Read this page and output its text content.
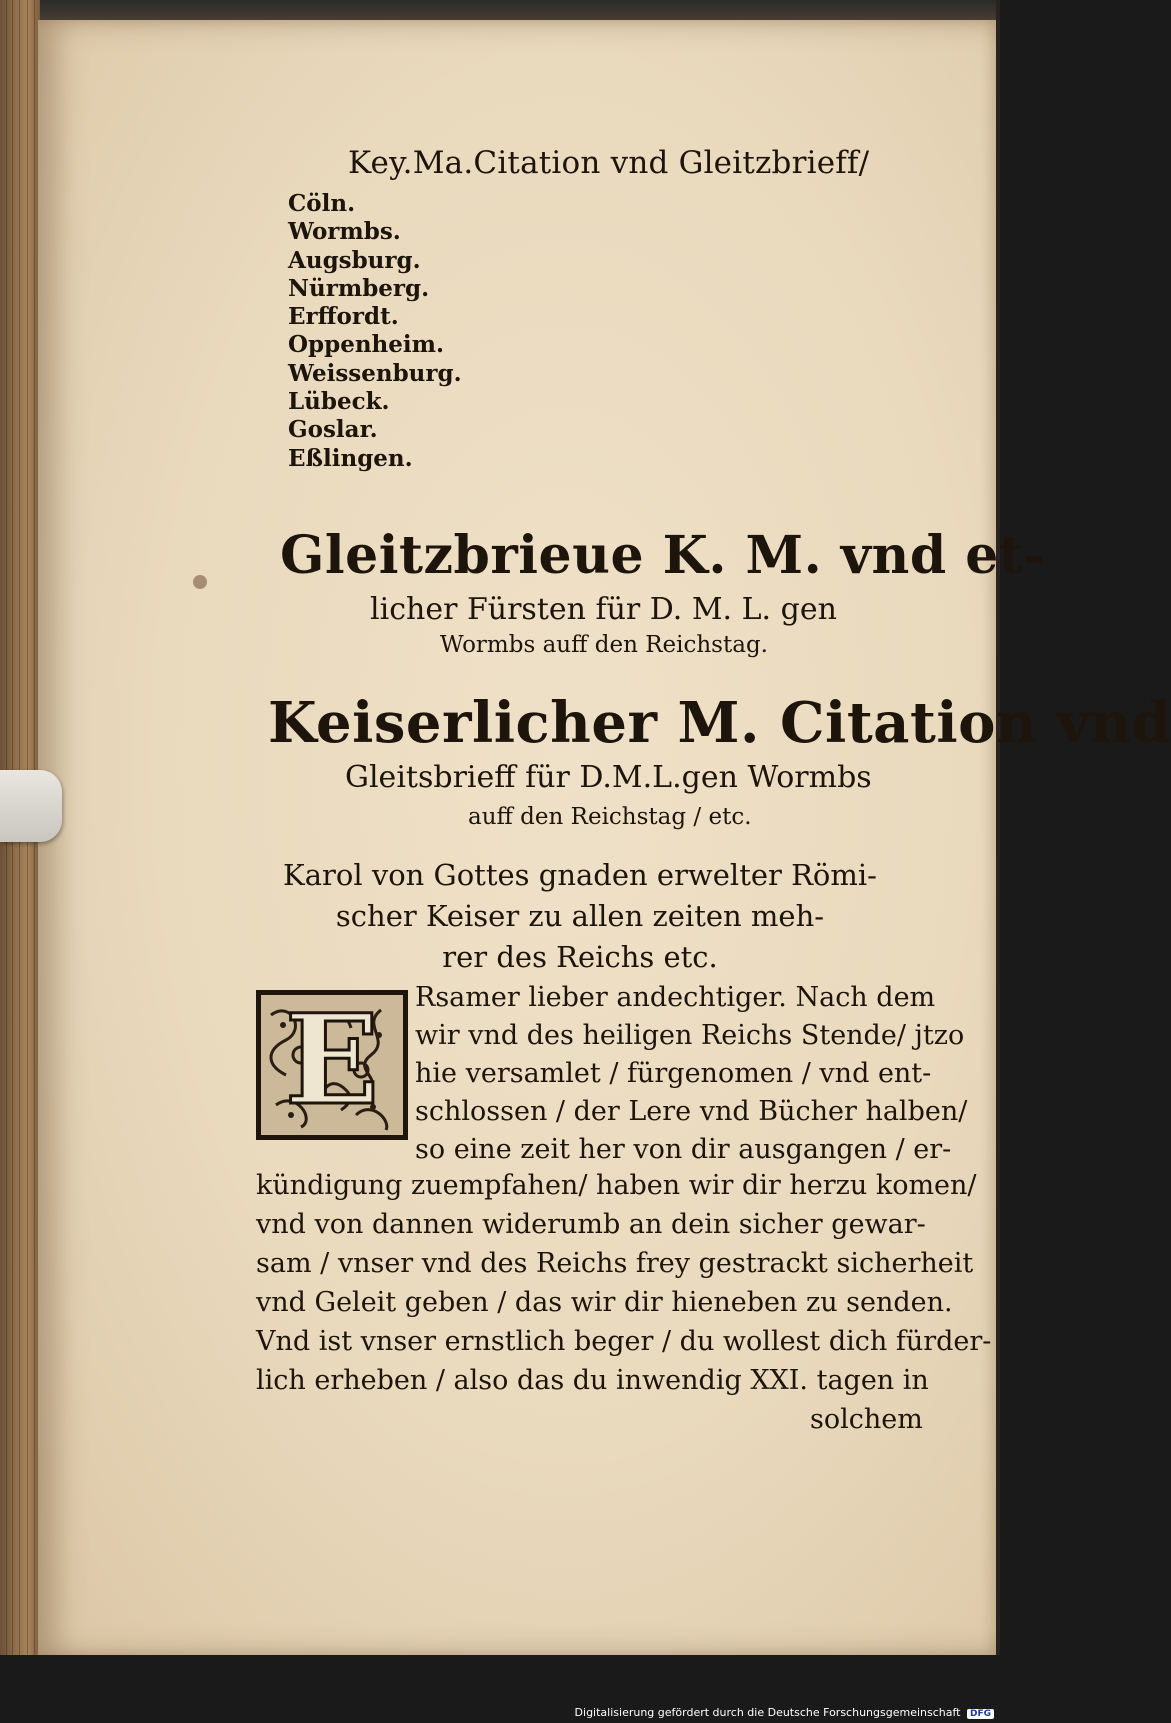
Key.Ma.Citation vnd Gleitzbrieff/
Cöln.
Wormbs.
Augsburg.
Nürmberg.
Erffordt.
Oppenheim.
Weissenburg.
Lübeck.
Goslar.
Eßlingen.
Gleitzbrieue K. M. vnd et-
licher Fürsten für D. M. L. gen
Wormbs auff den Reichstag.
Keiserlicher M. Citation vnd
Gleitsbrieff für D.M.L.gen Wormbs
auff den Reichstag / etc.
Karol von Gottes gnaden erwelter Römi-
scher Keiser zu allen zeiten meh-
rer des Reichs etc.
E	Rsamer lieber andechtiger. Nach dem
wir vnd des heiligen Reichs Stende/ jtzo
hie versamlet / fürgenomen / vnd ent-
schlossen / der Lere vnd Bücher halben/
so eine zeit her von dir ausgangen / er-
kündigung zuempfahen/ haben wir dir herzu komen/
vnd von dannen widerumb an dein sicher gewar-
sam / vnser vnd des Reichs frey gestrackt sicherheit
vnd Geleit geben / das wir dir hieneben zu senden.
Vnd ist vnser ernstlich beger / du wollest dich fürder-
lich erheben / also das du inwendig XXI. tagen in
solchem
Digitalisierung gefördert durch die Deutsche Forschungsgemeinschaft DFG
